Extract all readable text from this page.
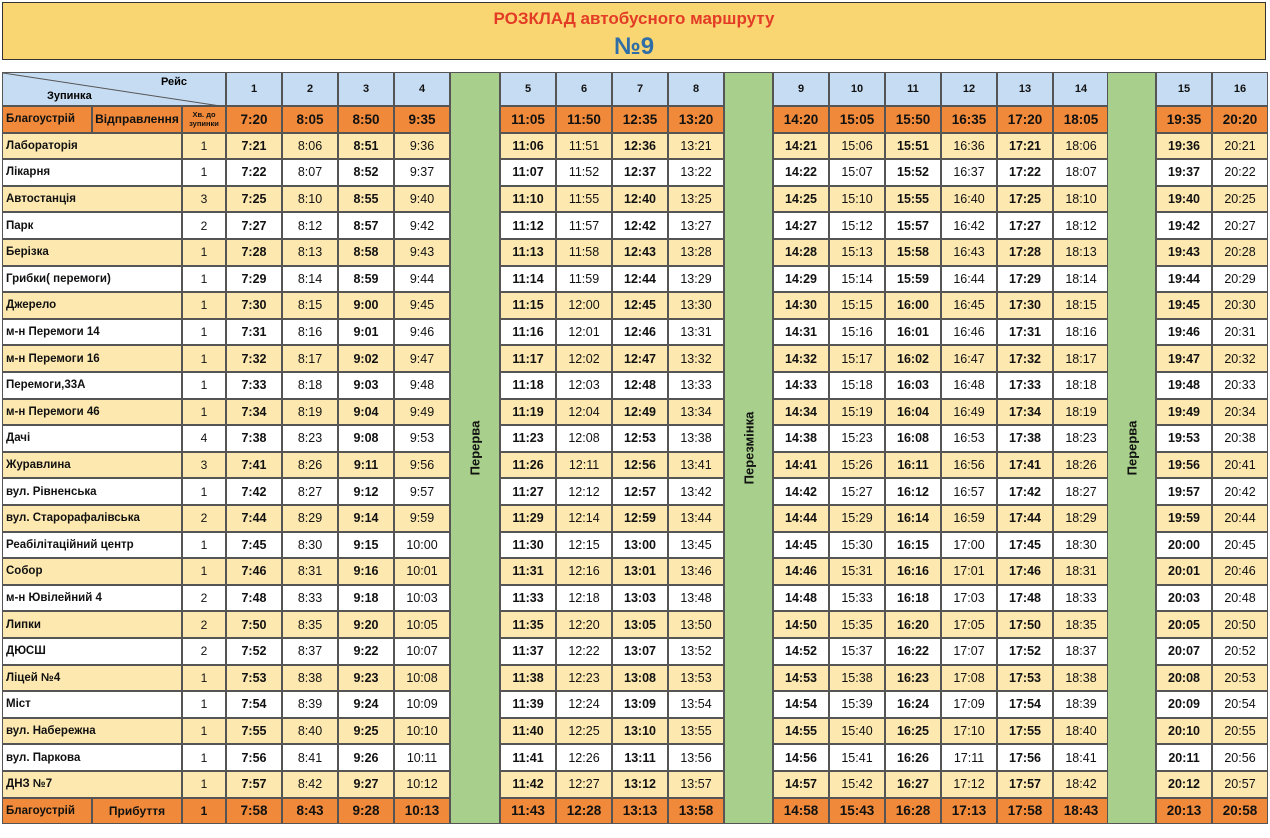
РОЗКЛАД автобусного маршруту
№9
Рейс
Зупинка
1	2	3	4	5	6	7	8	9	10	11	12	13	14	15	16
Благоустрій	Відправлення	Хв. до зупинки	7:20	8:05	8:50	9:35	11:05	11:50	12:35	13:20	14:20	15:05	15:50	16:35	17:20	18:05	19:35	20:20
Лабораторія	1	7:21	8:06	8:51	9:36	11:06	11:51	12:36	13:21	14:21	15:06	15:51	16:36	17:21	18:06	19:36	20:21
Лікарня	1	7:22	8:07	8:52	9:37	11:07	11:52	12:37	13:22	14:22	15:07	15:52	16:37	17:22	18:07	19:37	20:22
Автостанція	3	7:25	8:10	8:55	9:40	11:10	11:55	12:40	13:25	14:25	15:10	15:55	16:40	17:25	18:10	19:40	20:25
Парк	2	7:27	8:12	8:57	9:42	11:12	11:57	12:42	13:27	14:27	15:12	15:57	16:42	17:27	18:12	19:42	20:27
Берізка	1	7:28	8:13	8:58	9:43	11:13	11:58	12:43	13:28	14:28	15:13	15:58	16:43	17:28	18:13	19:43	20:28
Грибки( перемоги)	1	7:29	8:14	8:59	9:44	11:14	11:59	12:44	13:29	14:29	15:14	15:59	16:44	17:29	18:14	19:44	20:29
Джерело	1	7:30	8:15	9:00	9:45	11:15	12:00	12:45	13:30	14:30	15:15	16:00	16:45	17:30	18:15	19:45	20:30
м-н Перемоги 14	1	7:31	8:16	9:01	9:46	11:16	12:01	12:46	13:31	14:31	15:16	16:01	16:46	17:31	18:16	19:46	20:31
м-н Перемоги 16	1	7:32	8:17	9:02	9:47	11:17	12:02	12:47	13:32	14:32	15:17	16:02	16:47	17:32	18:17	19:47	20:32
Перемоги,33А	1	7:33	8:18	9:03	9:48	11:18	12:03	12:48	13:33	14:33	15:18	16:03	16:48	17:33	18:18	19:48	20:33
м-н Перемоги 46	1	7:34	8:19	9:04	9:49	11:19	12:04	12:49	13:34	14:34	15:19	16:04	16:49	17:34	18:19	19:49	20:34
Дачі	4	7:38	8:23	9:08	9:53	11:23	12:08	12:53	13:38	14:38	15:23	16:08	16:53	17:38	18:23	19:53	20:38
Журавлина	3	7:41	8:26	9:11	9:56	11:26	12:11	12:56	13:41	14:41	15:26	16:11	16:56	17:41	18:26	19:56	20:41
вул. Рівненська	1	7:42	8:27	9:12	9:57	11:27	12:12	12:57	13:42	14:42	15:27	16:12	16:57	17:42	18:27	19:57	20:42
вул. Старорафалівська	2	7:44	8:29	9:14	9:59	11:29	12:14	12:59	13:44	14:44	15:29	16:14	16:59	17:44	18:29	19:59	20:44
Реабілітаційний центр	1	7:45	8:30	9:15	10:00	11:30	12:15	13:00	13:45	14:45	15:30	16:15	17:00	17:45	18:30	20:00	20:45
Собор	1	7:46	8:31	9:16	10:01	11:31	12:16	13:01	13:46	14:46	15:31	16:16	17:01	17:46	18:31	20:01	20:46
м-н Ювілейний 4	2	7:48	8:33	9:18	10:03	11:33	12:18	13:03	13:48	14:48	15:33	16:18	17:03	17:48	18:33	20:03	20:48
Липки	2	7:50	8:35	9:20	10:05	11:35	12:20	13:05	13:50	14:50	15:35	16:20	17:05	17:50	18:35	20:05	20:50
ДЮСШ	2	7:52	8:37	9:22	10:07	11:37	12:22	13:07	13:52	14:52	15:37	16:22	17:07	17:52	18:37	20:07	20:52
Ліцей №4	1	7:53	8:38	9:23	10:08	11:38	12:23	13:08	13:53	14:53	15:38	16:23	17:08	17:53	18:38	20:08	20:53
Міст	1	7:54	8:39	9:24	10:09	11:39	12:24	13:09	13:54	14:54	15:39	16:24	17:09	17:54	18:39	20:09	20:54
вул. Набережна	1	7:55	8:40	9:25	10:10	11:40	12:25	13:10	13:55	14:55	15:40	16:25	17:10	17:55	18:40	20:10	20:55
вул. Паркова	1	7:56	8:41	9:26	10:11	11:41	12:26	13:11	13:56	14:56	15:41	16:26	17:11	17:56	18:41	20:11	20:56
ДНЗ №7	1	7:57	8:42	9:27	10:12	11:42	12:27	13:12	13:57	14:57	15:42	16:27	17:12	17:57	18:42	20:12	20:57
Благоустрій	Прибуття	1	7:58	8:43	9:28	10:13	11:43	12:28	13:13	13:58	14:58	15:43	16:28	17:13	17:58	18:43	20:13	20:58
Перерва	Перезмінка	Перерва
